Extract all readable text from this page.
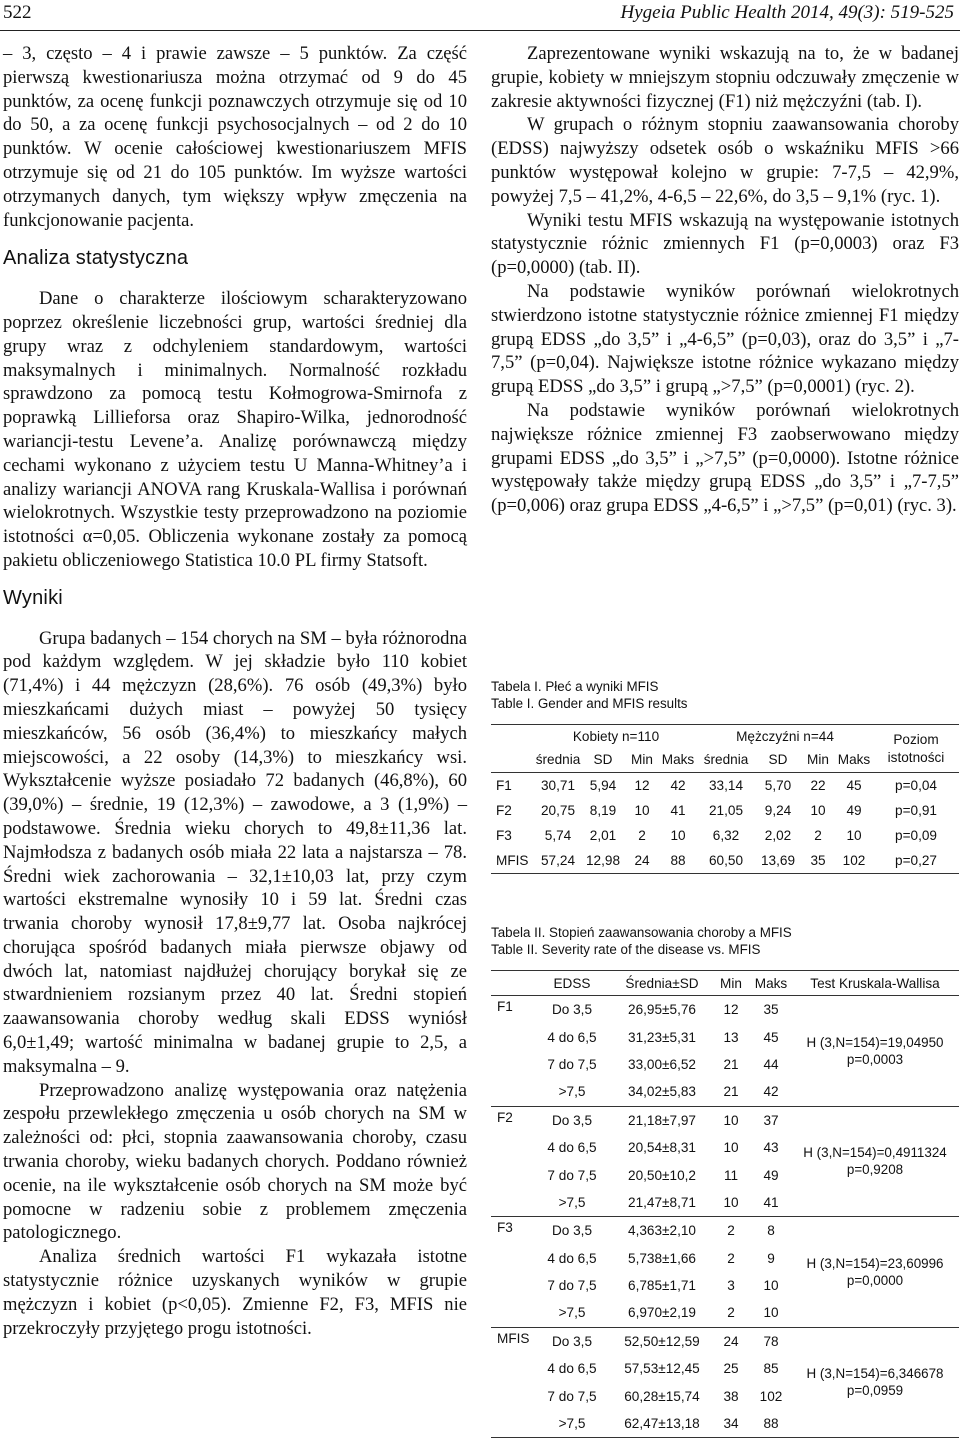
522	Hygeia Public Health 2014, 49(3): 519-525

– 3, często – 4 i prawie zawsze – 5 punktów. Za część pierwszą kwestionariusza można otrzymać od 9 do 45 punktów, za ocenę funkcji poznawczych otrzymuje się od 10 do 50, a za ocenę funkcji psychosocjalnych – od 2 do 10 punktów. W ocenie całościowej kwestionariuszem MFIS otrzymuje się od 21 do 105 punktów. Im wyższe wartości otrzymanych danych, tym większy wpływ zmęczenia na funkcjonowanie pacjenta.

Analiza statystyczna

Dane o charakterze ilościowym scharakteryzowano poprzez określenie liczebności grup, wartości średniej dla grupy wraz z odchyleniem standardowym, wartości maksymalnych i minimalnych. Normalność rozkładu sprawdzono za pomocą testu Kołmogrowa-Smirnofa z poprawką Lillieforsa oraz Shapiro-Wilka, jednorodność wariancji-testu Levene’a. Analizę porównawczą między cechami wykonano z użyciem testu U Manna-Whitney’a i analizy wariancji ANOVA rang Kruskala-Wallisa i porównań wielokrotnych. Wszystkie testy przeprowadzono na poziomie istotności α=0,05. Obliczenia wykonane zostały za pomocą pakietu obliczeniowego Statistica 10.0 PL firmy Statsoft.

Wyniki

Grupa badanych – 154 chorych na SM – była różnorodna pod każdym względem. W jej składzie było 110 kobiet (71,4%) i 44 mężczyzn (28,6%). 76 osób (49,3%) było mieszkańcami dużych miast – powyżej 50 tysięcy mieszkańców, 56 osób (36,4%) to mieszkańcy małych miejscowości, a 22 osoby (14,3%) to mieszkańcy wsi. Wykształcenie wyższe posiadało 72 badanych (46,8%), 60 (39,0%) – średnie, 19 (12,3%) – zawodowe, a 3 (1,9%) – podstawowe. Średnia wieku chorych to 49,8±11,36 lat. Najmłodsza z badanych osób miała 22 lata a najstarsza – 78. Średni wiek zachorowania – 32,1±10,03 lat, przy czym wartości ekstremalne wynosiły 10 i 59 lat. Średni czas trwania choroby wynosił 17,8±9,77 lat. Osoba najkrócej chorująca spośród badanych miała pierwsze objawy od dwóch lat, natomiast najdłużej chorujący borykał się ze stwardnieniem rozsianym przez 40 lat. Średni stopień zaawansowania choroby według skali EDSS wyniósł 6,0±1,49; wartość minimalna w badanej grupie to 2,5, a maksymalna – 9.

Przeprowadzono analizę występowania oraz natężenia zespołu przewlekłego zmęczenia u osób chorych na SM w zależności od: płci, stopnia zaawansowania choroby, czasu trwania choroby, wieku badanych chorych. Poddano również ocenie, na ile wykształcenie osób chorych na SM może być pomocne w radzeniu sobie z problemem zmęczenia patologicznego.

Analiza średnich wartości F1 wykazała istotne statystycznie różnice uzyskanych wyników w grupie mężczyzn i kobiet (p<0,05). Zmienne F2, F3, MFIS nie przekroczyły przyjętego progu istotności.

Zaprezentowane wyniki wskazują na to, że w badanej grupie, kobiety w mniejszym stopniu odczuwały zmęczenie w zakresie aktywności fizycznej (F1) niż mężczyźni (tab. I).

W grupach o różnym stopniu zaawansowania choroby (EDSS) najwyższy odsetek osób o wskaźniku MFIS >66 punktów występował kolejno w grupie: 7-7,5 – 42,9%, powyżej 7,5 – 41,2%, 4-6,5 – 22,6%, do 3,5 – 9,1% (ryc. 1).

Wyniki testu MFIS wskazują na występowanie istotnych statystycznie różnic zmiennych F1 (p=0,0003) oraz F3 (p=0,0000) (tab. II).

Na podstawie wyników porównań wielokrotnych stwierdzono istotne statystycznie różnice zmiennej F1 między grupą EDSS „do 3,5” i „4-6,5” (p=0,03), oraz do 3,5” i „7-7,5” (p=0,04). Największe istotne różnice wykazano między grupą EDSS „do 3,5” i grupą „>7,5” (p=0,0001) (ryc. 2).

Na podstawie wyników porównań wielokrotnych największe różnice zmiennej F3 zaobserwowano między grupami EDSS „do 3,5” i „>7,5” (p=0,0000). Istotne różnice występowały także między grupą EDSS „do 3,5” i „7-7,5” (p=0,006) oraz grupa EDSS „4-6,5” i „>7,5” (p=0,01) (ryc. 3).

Tabela I. Płeć a wyniki MFIS
Table I. Gender and MFIS results
	Kobiety n=110				Mężczyźni n=44				Poziom istotności
	średnia	SD	Min	Maks	średnia	SD	Min	Maks	
F1	30,71	5,94	12	42	33,14	5,70	22	45	p=0,04
F2	20,75	8,19	10	41	21,05	9,24	10	49	p=0,91
F3	5,74	2,01	2	10	6,32	2,02	2	10	p=0,09
MFIS	57,24	12,98	24	88	60,50	13,69	35	102	p=0,27
Tabela II. Stopień zaawansowania choroby a MFIS
Table II. Severity rate of the disease vs. MFIS
	EDSS	Średnia±SD	Min	Maks	Test Kruskala-Wallisa
F1	Do 3,5	26,95±5,76	12	35	H (3,N=154)=19,04950 p=0,0003
	4 do 6,5	31,23±5,31	13	45	
	7 do 7,5	33,00±6,52	21	44	
	>7,5	34,02±5,83	21	42	
F2	Do 3,5	21,18±7,97	10	37	H (3,N=154)=0,4911324 p=0,9208
	4 do 6,5	20,54±8,31	10	43	
	7 do 7,5	20,50±10,2	11	49	
	>7,5	21,47±8,71	10	41	
F3	Do 3,5	4,363±2,10	2	8	H (3,N=154)=23,60996 p=0,0000
	4 do 6,5	5,738±1,66	2	9	
	7 do 7,5	6,785±1,71	3	10	
	>7,5	6,970±2,19	2	10	
MFIS	Do 3,5	52,50±12,59	24	78	H (3,N=154)=6,346678 p=0,0959
	4 do 6,5	57,53±12,45	25	85	
	7 do 7,5	60,28±15,74	38	102	
	>7,5	62,47±13,18	34	88	
